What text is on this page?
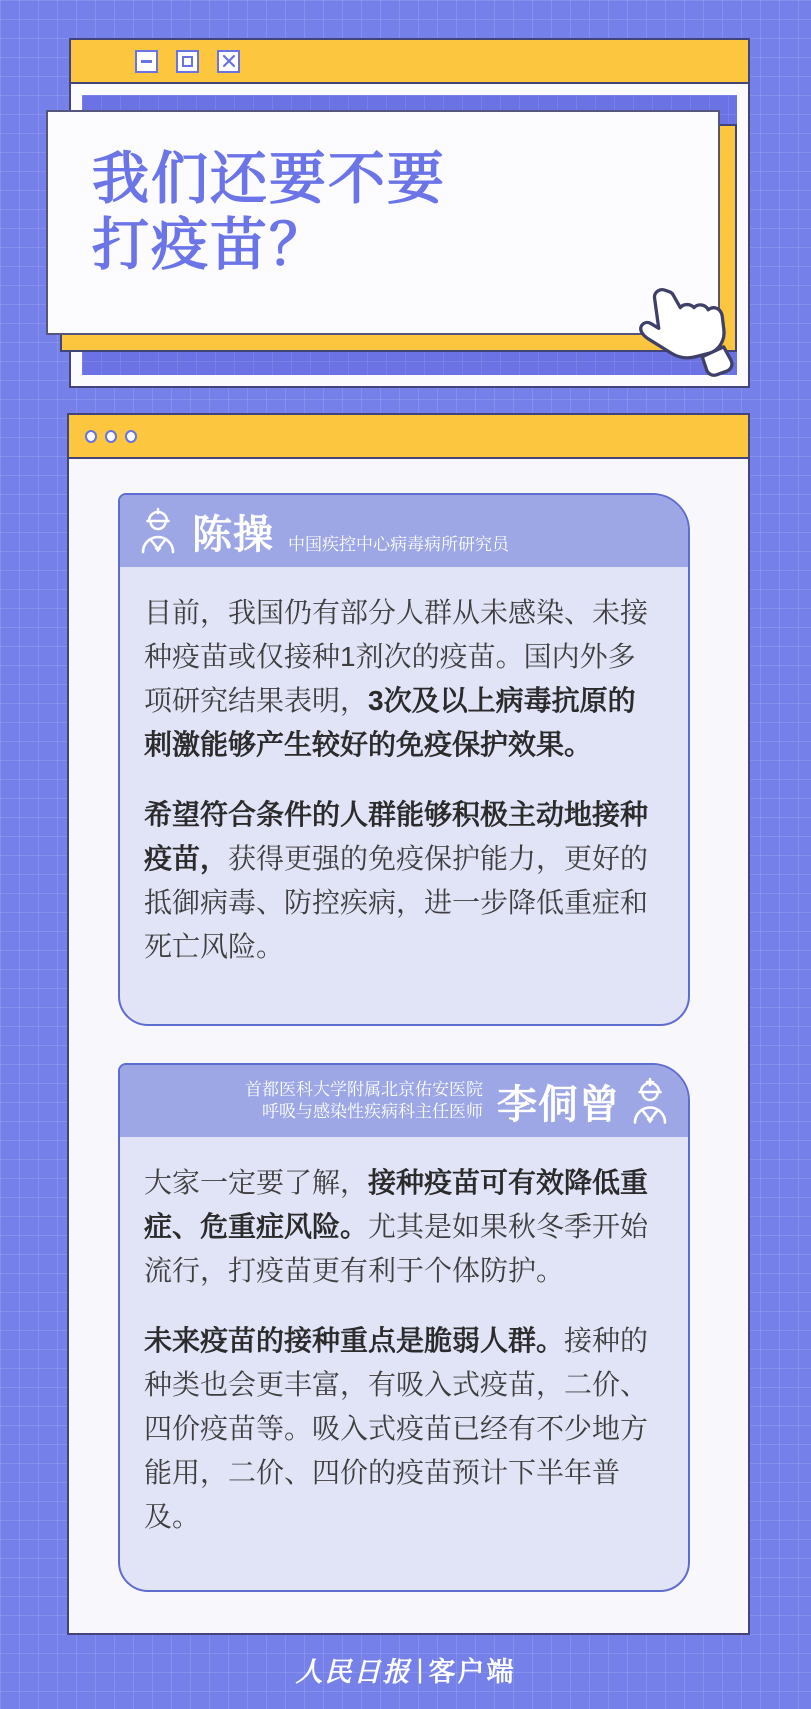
我们还要不要
打疫苗？
陈操 中国疾控中心病毒病所研究员

目前，我国仍有部分人群从未感染、未接种疫苗或仅接种1剂次的疫苗。国内外多项研究结果表明，3次及以上病毒抗原的刺激能够产生较好的免疫保护效果。

希望符合条件的人群能够积极主动地接种疫苗，获得更强的免疫保护能力，更好的抵御病毒、防控疾病，进一步降低重症和死亡风险。

首都医科大学附属北京佑安医院
呼吸与感染性疾病科主任医师 李侗曾

大家一定要了解，接种疫苗可有效降低重症、危重症风险。尤其是如果秋冬季开始流行，打疫苗更有利于个体防护。

未来疫苗的接种重点是脆弱人群。接种的种类也会更丰富，有吸入式疫苗，二价、四价疫苗等。吸入式疫苗已经有不少地方能用，二价、四价的疫苗预计下半年普及。

人民日报 | 客户端
